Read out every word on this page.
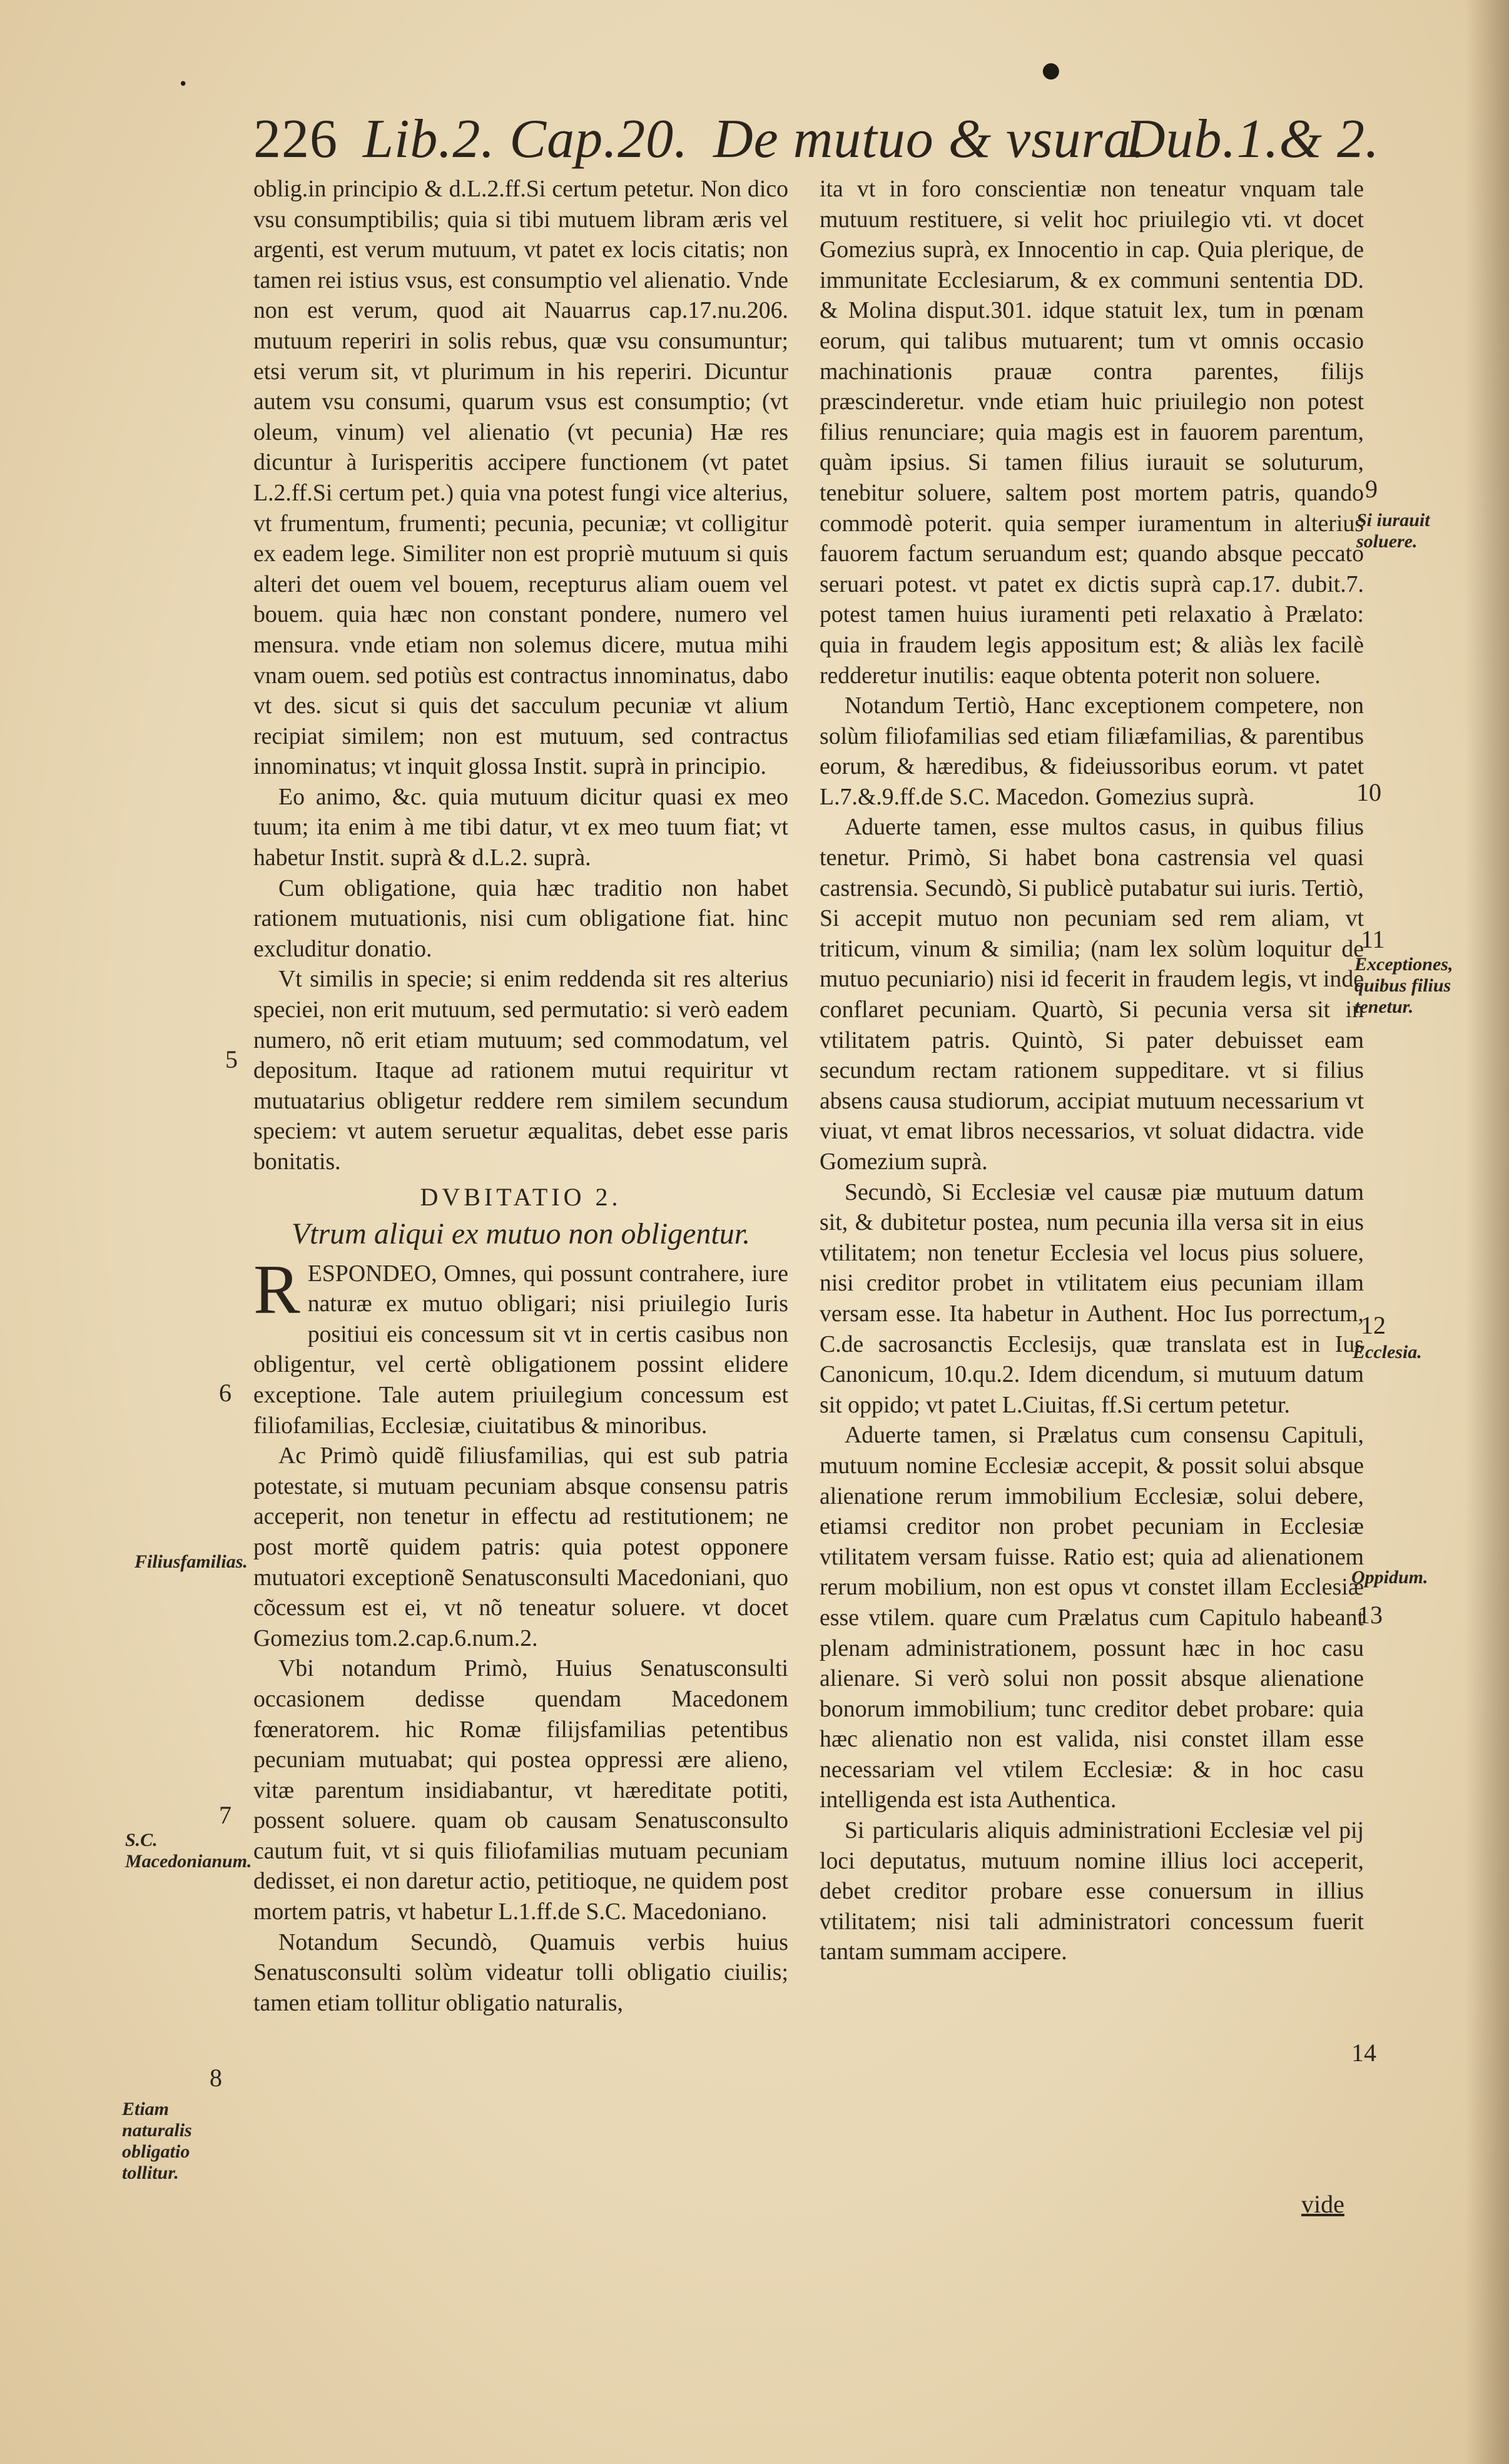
●
•
226 Lib.2. Cap.20. De mutuo & vsura.
Dub.1.& 2.

oblig.in principio & d.L.2.ff.Si certum petetur. Non dico vsu consumptibilis; quia si tibi mutuem libram æris vel argenti, est verum mutuum, vt patet ex locis citatis; non tamen rei istius vsus, est consumptio vel alienatio. Vnde non est verum, quod ait Nauarrus cap.17.nu.206. mutuum reperiri in solis rebus, quæ vsu consumuntur; etsi verum sit, vt plurimum in his reperiri. Dicuntur autem vsu consumi, quarum vsus est consumptio; (vt oleum, vinum) vel alienatio (vt pecunia) Hæ res dicuntur à Iurisperitis accipere functionem (vt patet L.2.ff.Si certum pet.) quia vna potest fungi vice alterius, vt frumentum, frumenti; pecunia, pecuniæ; vt colligitur ex eadem lege. Similiter non est propriè mutuum si quis alteri det ouem vel bouem, recepturus aliam ouem vel bouem. quia hæc non constant pondere, numero vel mensura. vnde etiam non solemus dicere, mutua mihi vnam ouem. sed potiùs est contractus innominatus, dabo vt des. sicut si quis det sacculum pecuniæ vt alium recipiat similem; non est mutuum, sed contractus innominatus; vt inquit glossa Instit. suprà in principio.

Eo animo, &c. quia mutuum dicitur quasi ex meo tuum; ita enim à me tibi datur, vt ex meo tuum fiat; vt habetur Instit. suprà & d.L.2. suprà.

Cum obligatione, quia hæc traditio non habet rationem mutuationis, nisi cum obligatione fiat. hinc excluditur donatio.

Vt similis in specie; si enim reddenda sit res alterius speciei, non erit mutuum, sed permutatio: si verò eadem numero, nõ erit etiam mutuum; sed commodatum, vel depositum. Itaque ad rationem mutui requiritur vt mutuatarius obligetur reddere rem similem secundum speciem: vt autem seruetur æqualitas, debet esse paris bonitatis.

DVBITATIO 2.
Vtrum aliqui ex mutuo non obligentur.

RESPONDEO, Omnes, qui possunt contrahere, iure naturæ ex mutuo obligari; nisi priuilegio Iuris positiui eis concessum sit vt in certis casibus non obligentur, vel certè obligationem possint elidere exceptione. Tale autem priuilegium concessum est filiofamilias, Ecclesiæ, ciuitatibus & minoribus.

Ac Primò quidẽ filiusfamilias, qui est sub patria potestate, si mutuam pecuniam absque consensu patris acceperit, non tenetur in effectu ad restitutionem; ne post mortẽ quidem patris: quia potest opponere mutuatori exceptionẽ Senatusconsulti Macedoniani, quo cõcessum est ei, vt nõ teneatur soluere. vt docet Gomezius tom.2.cap.6.num.2.

Vbi notandum Primò, Huius Senatusconsulti occasionem dedisse quendam Macedonem fœneratorem. hic Romæ filijsfamilias petentibus pecuniam mutuabat; qui postea oppressi ære alieno, vitæ parentum insidiabantur, vt hæreditate potiti, possent soluere. quam ob causam Senatusconsulto cautum fuit, vt si quis filiofamilias mutuam pecuniam dedisset, ei non daretur actio, petitioque, ne quidem post mortem patris, vt habetur L.1.ff.de S.C. Macedoniano.

Notandum Secundò, Quamuis verbis huius Senatusconsulti solùm videatur tolli obligatio ciuilis; tamen etiam tollitur obligatio naturalis,

ita vt in foro conscientiæ non teneatur vnquam tale mutuum restituere, si velit hoc priuilegio vti. vt docet Gomezius suprà, ex Innocentio in cap. Quia plerique, de immunitate Ecclesiarum, & ex communi sententia DD. & Molina disput.301. idque statuit lex, tum in pœnam eorum, qui talibus mutuarent; tum vt omnis occasio machinationis prauæ contra parentes, filijs præscinderetur. vnde etiam huic priuilegio non potest filius renunciare; quia magis est in fauorem parentum, quàm ipsius. Si tamen filius iurauit se soluturum, tenebitur soluere, saltem post mortem patris, quando commodè poterit. quia semper iuramentum in alterius fauorem factum seruandum est; quando absque peccato seruari potest. vt patet ex dictis suprà cap.17. dubit.7. potest tamen huius iuramenti peti relaxatio à Prælato: quia in fraudem legis appositum est; & aliàs lex facilè redderetur inutilis: eaque obtenta poterit non soluere.

Notandum Tertiò, Hanc exceptionem competere, non solùm filiofamilias sed etiam filiæfamilias, & parentibus eorum, & hæredibus, & fideiussoribus eorum. vt patet L.7.&.9.ff.de S.C. Macedon. Gomezius suprà.

Aduerte tamen, esse multos casus, in quibus filius tenetur. Primò, Si habet bona castrensia vel quasi castrensia. Secundò, Si publicè putabatur sui iuris. Tertiò, Si accepit mutuo non pecuniam sed rem aliam, vt triticum, vinum & similia; (nam lex solùm loquitur de mutuo pecuniario) nisi id fecerit in fraudem legis, vt inde conflaret pecuniam. Quartò, Si pecunia versa sit in vtilitatem patris. Quintò, Si pater debuisset eam secundum rectam rationem suppeditare. vt si filius absens causa studiorum, accipiat mutuum necessarium vt viuat, vt emat libros necessarios, vt soluat didactra. vide Gomezium suprà.

Secundò, Si Ecclesiæ vel causæ piæ mutuum datum sit, & dubitetur postea, num pecunia illa versa sit in eius vtilitatem; non tenetur Ecclesia vel locus pius soluere, nisi creditor probet in vtilitatem eius pecuniam illam versam esse. Ita habetur in Authent. Hoc Ius porrectum, C.de sacrosanctis Ecclesijs, quæ translata est in Ius Canonicum, 10.qu.2. Idem dicendum, si mutuum datum sit oppido; vt patet L.Ciuitas, ff.Si certum petetur.

Aduerte tamen, si Prælatus cum consensu Capituli, mutuum nomine Ecclesiæ accepit, & possit solui absque alienatione rerum immobilium Ecclesiæ, solui debere, etiamsi creditor non probet pecuniam in Ecclesiæ vtilitatem versam fuisse. Ratio est; quia ad alienationem rerum mobilium, non est opus vt constet illam Ecclesiæ esse vtilem. quare cum Prælatus cum Capitulo habeant plenam administrationem, possunt hæc in hoc casu alienare. Si verò solui non possit absque alienatione bonorum immobilium; tunc creditor debet probare: quia hæc alienatio non est valida, nisi constet illam esse necessariam vel vtilem Ecclesiæ: & in hoc casu intelligenda est ista Authentica.

Si particularis aliquis administrationi Ecclesiæ vel pij loci deputatus, mutuum nomine illius loci acceperit, debet creditor probare esse conuersum in illius vtilitatem; nisi tali administratori concessum fuerit tantam summam accipere.

5
6
7
8
9
10
11
12
13
14
Filiusfamilias.
S.C. Macedonianum.
Etiam naturalis obligatio tollitur.
Si iurauit soluere.
Exceptiones, quibus filius tenetur.
Ecclesia.
Oppidum.
vide
